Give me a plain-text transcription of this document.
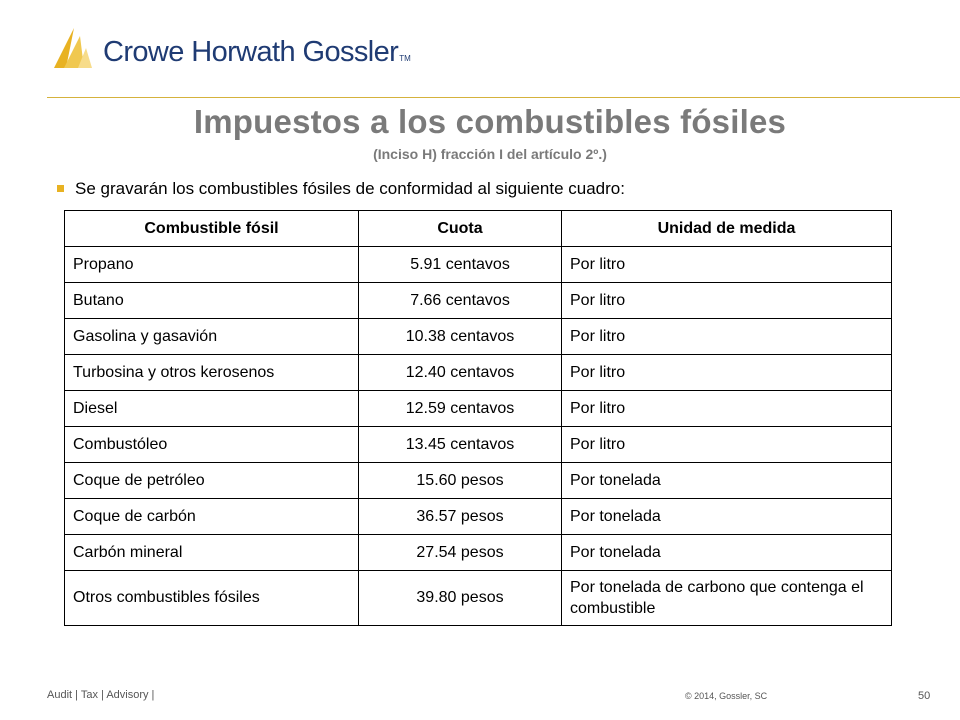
Crowe Horwath GosslerTM
Impuestos a los combustibles fósiles
(Inciso H) fracción I del artículo 2º.)
Se gravarán los combustibles fósiles de conformidad al siguiente cuadro:
Combustible fósil	Cuota	Unidad de medida
Propano	5.91 centavos	Por litro
Butano	7.66 centavos	Por litro
Gasolina y gasavión	10.38 centavos	Por litro
Turbosina y otros kerosenos	12.40 centavos	Por litro
Diesel	12.59 centavos	Por litro
Combustóleo	13.45 centavos	Por litro
Coque de petróleo	15.60 pesos	Por tonelada
Coque de carbón	36.57 pesos	Por tonelada
Carbón mineral	27.54 pesos	Por tonelada
Otros combustibles fósiles	39.80 pesos	Por tonelada de carbono que contenga el combustible
Audit | Tax | Advisory |	© 2014, Gossler, SC	50
